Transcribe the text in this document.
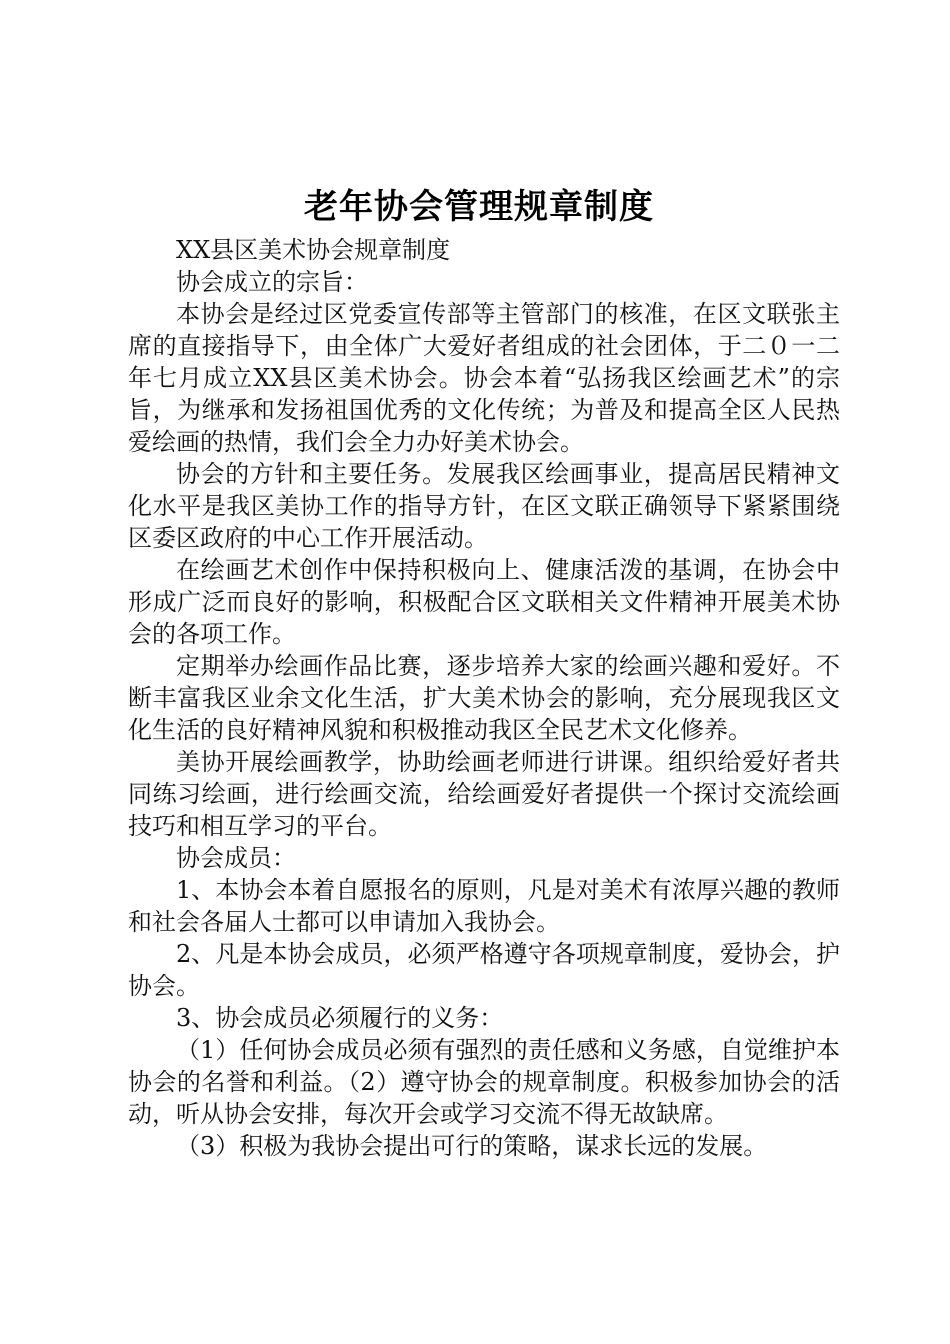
老年协会管理规章制度

XX县区美术协会规章制度

协会成立的宗旨：

本协会是经过区党委宣传部等主管部门的核准，在区文联张主席的直接指导下，由全体广大爱好者组成的社会团体，于二０一二年七月成立XX县区美术协会。协会本着“弘扬我区绘画艺术”的宗旨，为继承和发扬祖国优秀的文化传统；为普及和提高全区人民热爱绘画的热情，我们会全力办好美术协会。

协会的方针和主要任务。发展我区绘画事业，提高居民精神文化水平是我区美协工作的指导方针，在区文联正确领导下紧紧围绕区委区政府的中心工作开展活动。

在绘画艺术创作中保持积极向上、健康活泼的基调，在协会中形成广泛而良好的影响，积极配合区文联相关文件精神开展美术协会的各项工作。

定期举办绘画作品比赛，逐步培养大家的绘画兴趣和爱好。不断丰富我区业余文化生活，扩大美术协会的影响，充分展现我区文化生活的良好精神风貌和积极推动我区全民艺术文化修养。

美协开展绘画教学，协助绘画老师进行讲课。组织给爱好者共同练习绘画，进行绘画交流，给绘画爱好者提供一个探讨交流绘画技巧和相互学习的平台。

协会成员：

1、本协会本着自愿报名的原则，凡是对美术有浓厚兴趣的教师和社会各届人士都可以申请加入我协会。

2、凡是本协会成员，必须严格遵守各项规章制度，爱协会，护协会。

3、协会成员必须履行的义务：

（1）任何协会成员必须有强烈的责任感和义务感，自觉维护本协会的名誉和利益。（2）遵守协会的规章制度。积极参加协会的活动，听从协会安排，每次开会或学习交流不得无故缺席。

（3）积极为我协会提出可行的策略，谋求长远的发展。
